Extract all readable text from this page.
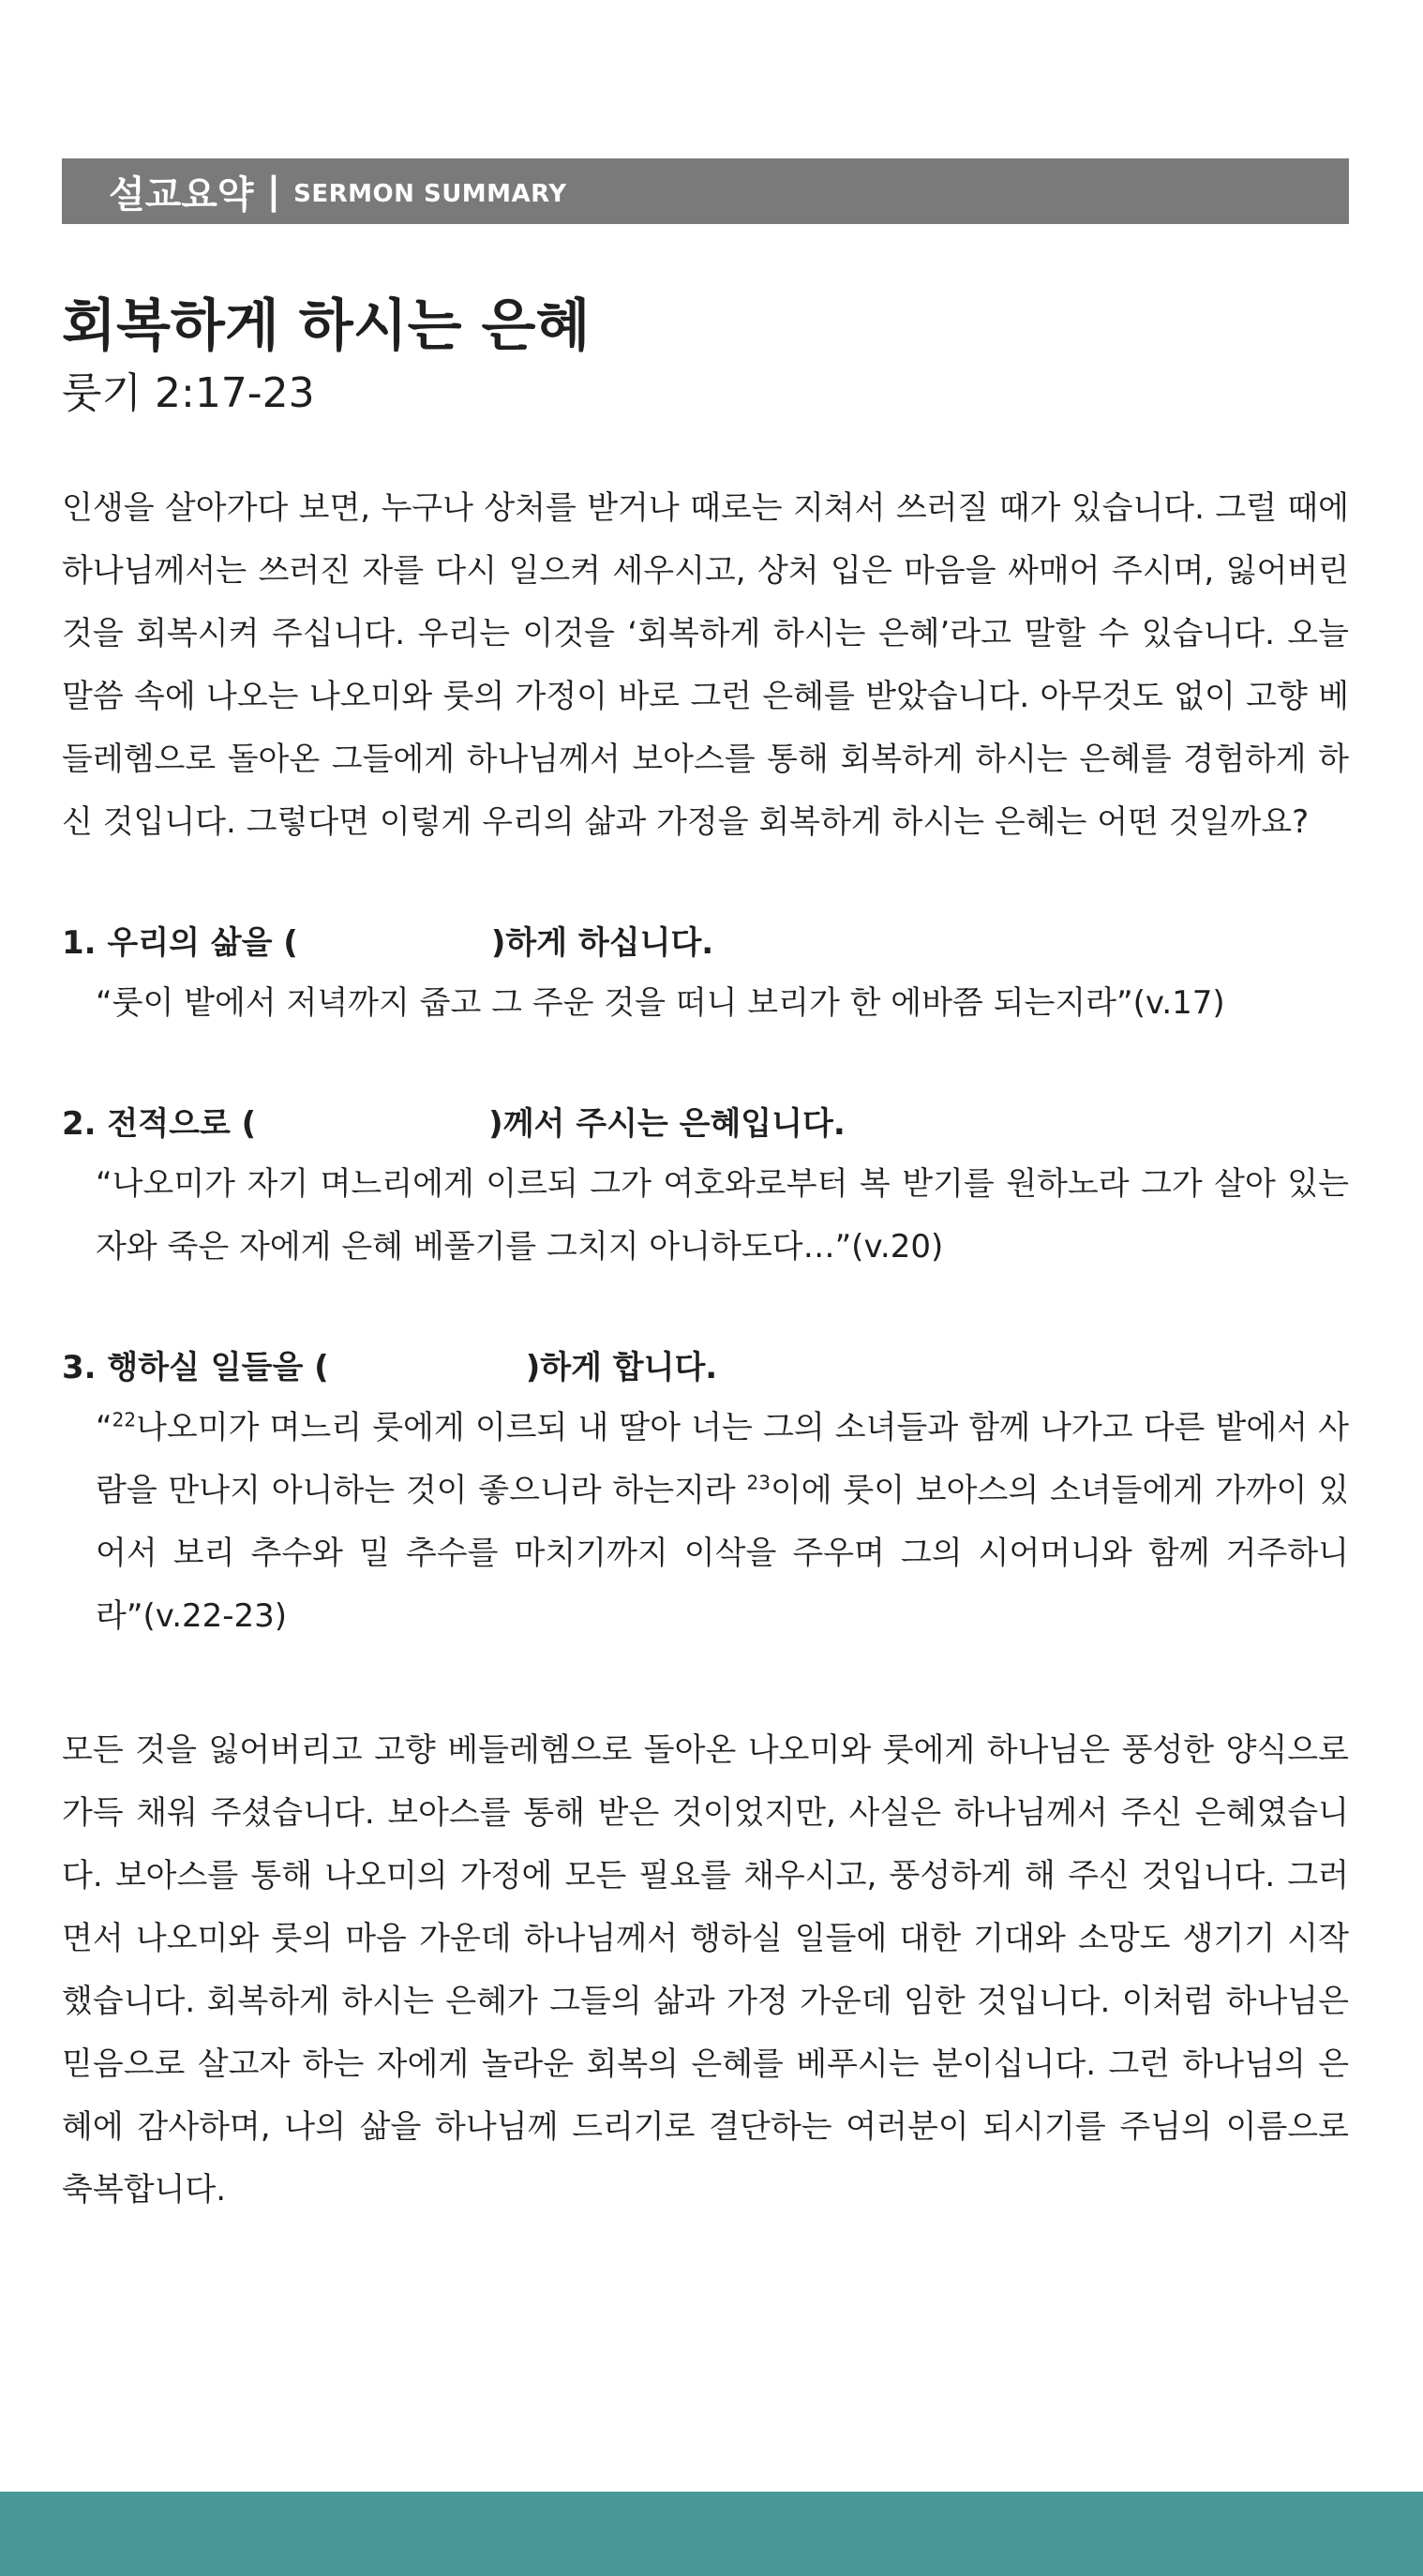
설교요약 | SERMON SUMMARY
회복하게 하시는 은혜
룻기 2:17-23

인생을 살아가다 보면, 누구나 상처를 받거나 때로는 지쳐서 쓰러질 때가 있습니다. 그럴 때에 하나님께서는 쓰러진 자를 다시 일으켜 세우시고, 상처 입은 마음을 싸매어 주시며, 잃어버린 것을 회복시켜 주십니다. 우리는 이것을 ‘회복하게 하시는 은혜’라고 말할 수 있습니다. 오늘 말씀 속에 나오는 나오미와 룻의 가정이 바로 그런 은혜를 받았습니다. 아무것도 없이 고향 베들레헴으로 돌아온 그들에게 하나님께서 보아스를 통해 회복하게 하시는 은혜를 경험하게 하신 것입니다. 그렇다면 이렇게 우리의 삶과 가정을 회복하게 하시는 은혜는 어떤 것일까요?

1. 우리의 삶을 (	)하게 하십니다.
“룻이 밭에서 저녁까지 줍고 그 주운 것을 떠니 보리가 한 에바쯤 되는지라”(v.17)
2. 전적으로 (	)께서 주시는 은혜입니다.
“나오미가 자기 며느리에게 이르되 그가 여호와로부터 복 받기를 원하노라 그가 살아 있는 자와 죽은 자에게 은혜 베풀기를 그치지 아니하도다…”(v.20)
3. 행하실 일들을 (	)하게 합니다.
“$^{22}$나오미가 며느리 룻에게 이르되 내 딸아 너는 그의 소녀들과 함께 나가고 다른 밭에서 사람을 만나지 아니하는 것이 좋으니라 하는지라 $^{23}$이에 룻이 보아스의 소녀들에게 가까이 있어서 보리 추수와 밀 추수를 마치기까지 이삭을 주우며 그의 시어머니와 함께 거주하니라”(v.22-23)

모든 것을 잃어버리고 고향 베들레헴으로 돌아온 나오미와 룻에게 하나님은 풍성한 양식으로 가득 채워 주셨습니다. 보아스를 통해 받은 것이었지만, 사실은 하나님께서 주신 은혜였습니다. 보아스를 통해 나오미의 가정에 모든 필요를 채우시고, 풍성하게 해 주신 것입니다. 그러면서 나오미와 룻의 마음 가운데 하나님께서 행하실 일들에 대한 기대와 소망도 생기기 시작했습니다. 회복하게 하시는 은혜가 그들의 삶과 가정 가운데 임한 것입니다. 이처럼 하나님은 믿음으로 살고자 하는 자에게 놀라운 회복의 은혜를 베푸시는 분이십니다. 그런 하나님의 은혜에 감사하며, 나의 삶을 하나님께 드리기로 결단하는 여러분이 되시기를 주님의 이름으로 축복합니다.
